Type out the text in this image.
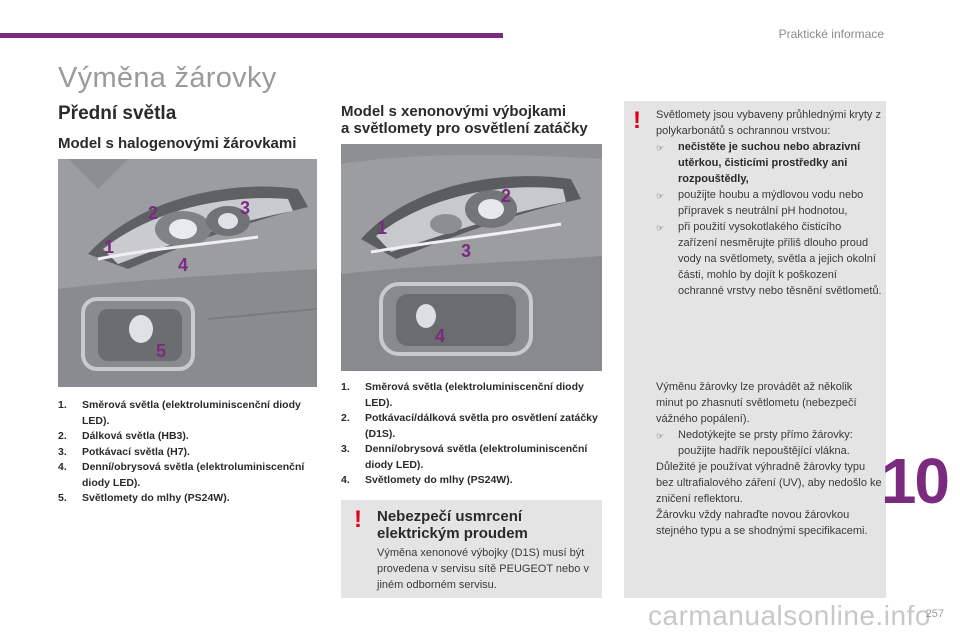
Praktické informace
Výměna žárovky
Přední světla
Model s halogenovými žárovkami
1
2	3
4
5
1.	Směrová světla (elektroluminiscenční diody LED).
2.	Dálková světla (HB3).
3.	Potkávací světla (H7).
4.	Denní/obrysová světla (elektroluminiscenční diody LED).
5.	Světlomety do mlhy (PS24W).
Model s xenonovými výbojkami
a světlomety pro osvětlení zatáčky
1
2
3
4
1.	Směrová světla (elektroluminiscenční diody LED).
2.	Potkávací/dálková světla pro osvětlení zatáčky (D1S).
3.	Denní/obrysová světla (elektroluminiscenční diody LED).
4.	Světlomety do mlhy (PS24W).
! Nebezpečí usmrcení
elektrickým proudem
Výměna xenonové výbojky (D1S) musí být provedena v servisu sítě PEUGEOT nebo v jiném odborném servisu.
! Světlomety jsou vybaveny průhlednými kryty z polykarbonátů s ochrannou vrstvou:

☞	nečistěte je suchou nebo abrazivní utěrkou, čisticími prostředky ani rozpouštědly,
☞	použijte houbu a mýdlovou vodu nebo přípravek s neutrální pH hodnotou,
☞	při použití vysokotlakého čisticího zařízení nesměrujte příliš dlouho proud vody na světlomety, světla a jejich okolní části, mohlo by dojít k poškození ochranné vrstvy nebo těsnění světlometů.

Výměnu žárovky lze provádět až několik minut po zhasnutí světlometu (nebezpečí vážného popálení).

☞	Nedotýkejte se prsty přímo žárovky: použijte hadřík nepouštějící vlákna.

Důležité je používat výhradně žárovky typu bez ultrafialového záření (UV), aby nedošlo ke zničení reflektoru.

Žárovku vždy nahraďte novou žárovkou stejného typu a se shodnými specifikacemi.

10
carmanualsonline.info
257
